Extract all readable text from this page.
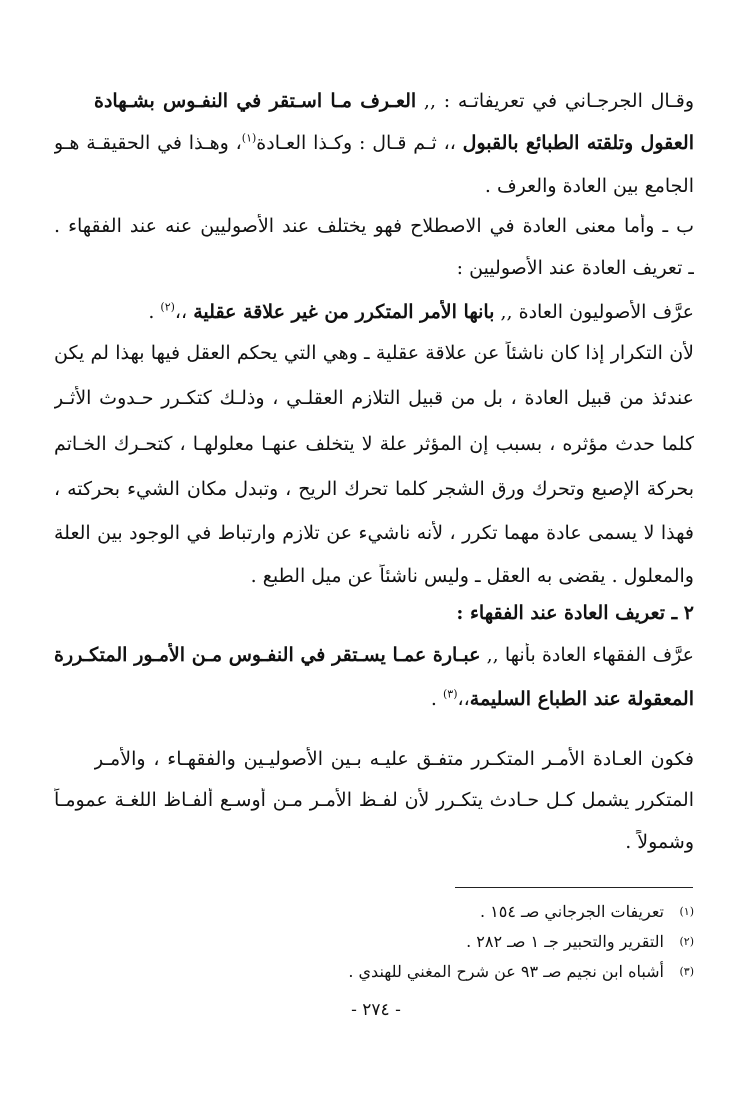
وقـال الجرجـاني في تعريفاتـه : ,, العـرف مـا اسـتقر في النفـوس بشـهادة
العقول وتلقته الطبائع بالقبول ،، ثـم قـال : وكـذا العـادة$^{(١)}$، وهـذا في الحقيقـة هـو
الجامع بين العادة والعرف .
ب ـ وأما معنى العادة في الاصطلاح فهو يختلف عند الأصوليين عنه عند الفقهاء .
ـ تعريف العادة عند الأصوليين :
عرَّف الأصوليون العادة ,, بانها الأمر المتكرر من غير علاقة عقلية ،،$^{(٢)}$ .
لأن التكرار إذا كان ناشئاً عن علاقة عقلية ـ وهي التي يحكم العقل فيها بهذا لم يكن
عندئذ من قبيل العادة ، بل من قبيل التلازم العقلـي ، وذلـك كتكـرر حـدوث الأثـر
كلما حدث مؤثره ، بسبب إن المؤثر علة لا يتخلف عنهـا معلولهـا ، كتحـرك الخـاتم
بحركة الإصبع وتحرك ورق الشجر كلما تحرك الريح ، وتبدل مكان الشيء بحركته ،
فهذا لا يسمى عادة مهما تكرر ، لأنه ناشيء عن تلازم وارتباط في الوجود بين العلة
والمعلول . يقضى به العقل ـ وليس ناشئاً عن ميل الطبع .
٢ ـ تعريف العادة عند الفقهاء :
عرَّف الفقهاء العادة بأنها ,, عبـارة عمـا يسـتقر في النفـوس مـن الأمـور المتكـررة
المعقولة عند الطباع السليمة،،$^{(٣)}$ .
فكون العـادة الأمـر المتكـرر متفـق عليـه بـين الأصوليـين والفقهـاء ، والأمـر
المتكرر يشمل كـل حـادث يتكـرر لأن لفـظ الأمـر مـن أوسـع ألفـاظ اللغـة عمومـاً
وشمولاً .
(١)تعريفات الجرجاني صـ ١٥٤ .
(٢)التقرير والتحبير جـ ١ صـ ٢٨٢ .
(٣)أشباه ابن نجيم صـ ٩٣ عن شرح المغني للهندي .
- ٢٧٤ -
